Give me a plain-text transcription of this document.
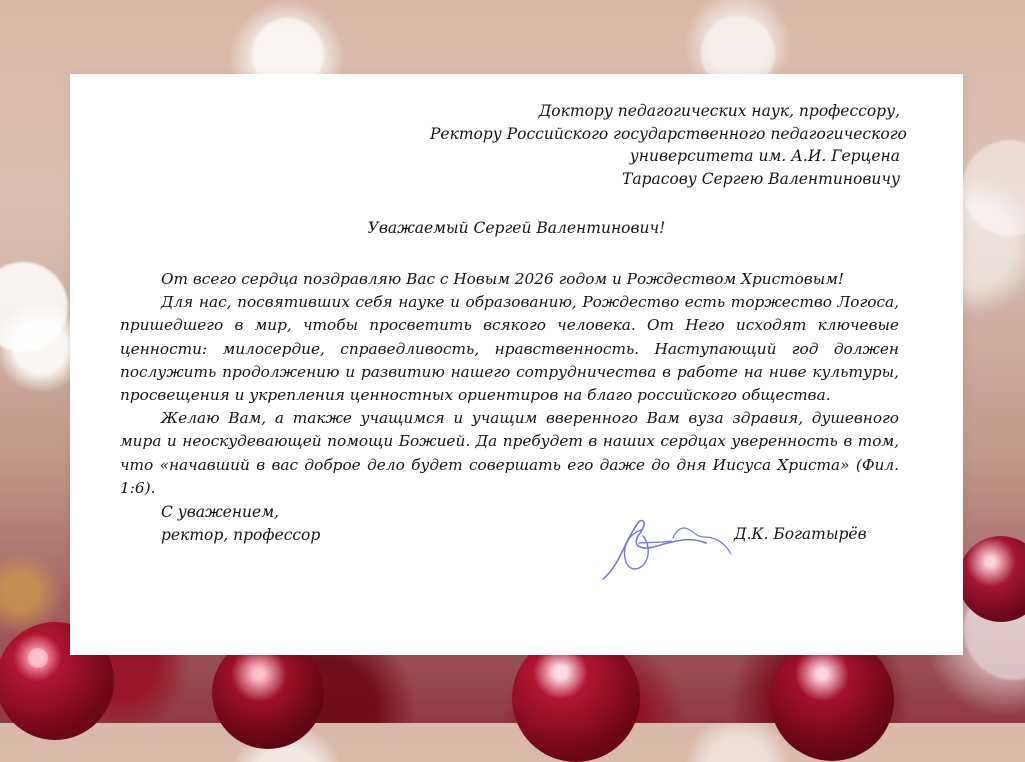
Доктору педагогических наук, профессору,
Ректору Российского государственного педагогического
университета им. А.И. Герцена
Тарасову Сергею Валентиновичу
Уважаемый Сергей Валентинович!

От всего сердца поздравляю Вас с Новым 2026 годом и Рождеством Христовым!

Для нас, посвятивших себя науке и образованию, Рождество есть торжество Логоса, пришедшего в мир, чтобы просветить всякого человека. От Него исходят ключевые ценности: милосердие, справедливость, нравственность. Наступающий год должен послужить продолжению и развитию нашего сотрудничества в работе на ниве культуры, просвещения и укрепления ценностных ориентиров на благо российского общества.

Желаю Вам, а также учащимся и учащим вверенного Вам вуза здравия, душевного мира и неоскудевающей помощи Божией. Да пребудет в наших сердцах уверенность в том, что «начавший в вас доброе дело будет совершать его даже до дня Иисуса Христа» (Фил. 1:6).

С уважением,
ректор, профессор	Д.К. Богатырёв
